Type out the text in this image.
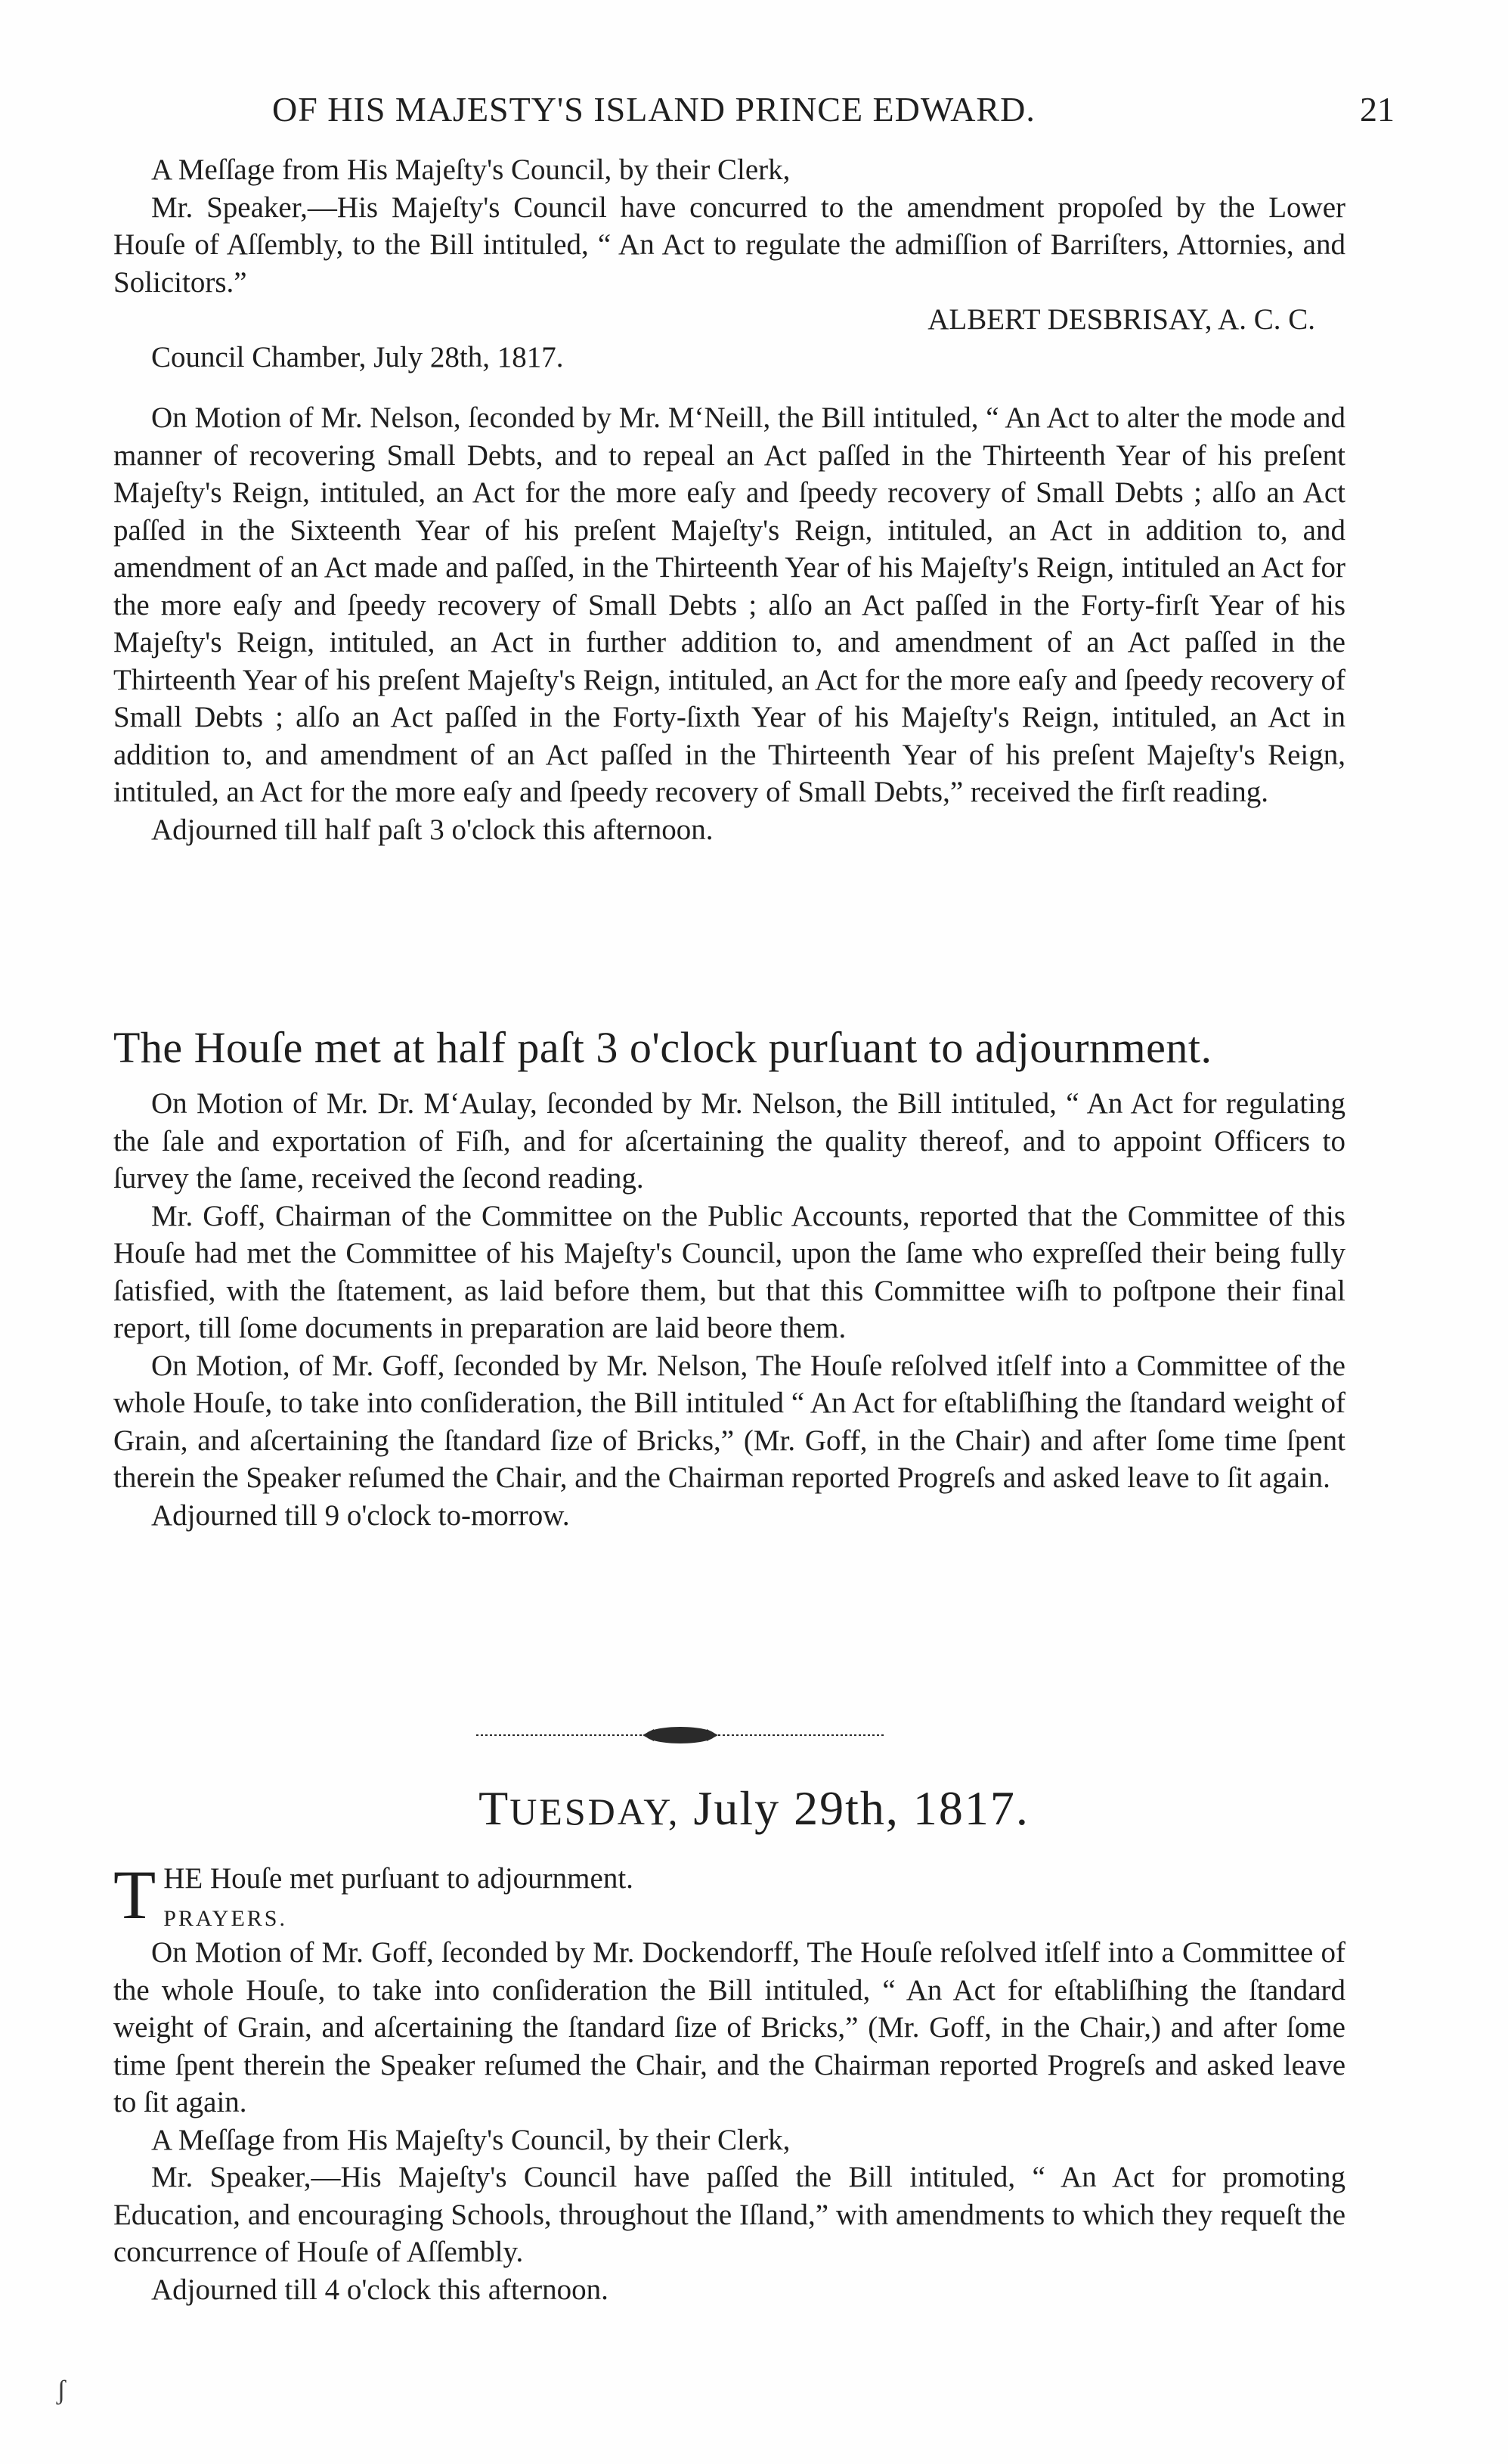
OF HIS MAJESTY'S ISLAND PRINCE EDWARD.	21

A Meſſage from His Majeſty's Council, by their Clerk,

Mr. Speaker,—His Majeſty's Council have concurred to the amendment propoſed by the Lower Houſe of Aſſembly, to the Bill intituled, “ An Act to regulate the admiſſion of Barriſters, Attornies, and Solicitors.”

ALBERT DESBRISAY, A. C. C.

Council Chamber, July 28th, 1817.

On Motion of Mr. Nelson, ſeconded by Mr. M‘Neill, the Bill intituled, “ An Act to alter the mode and manner of recovering Small Debts, and to repeal an Act paſſed in the Thirteenth Year of his preſent Majeſty's Reign, intituled, an Act for the more eaſy and ſpeedy recovery of Small Debts ; alſo an Act paſſed in the Sixteenth Year of his preſent Majeſty's Reign, intituled, an Act in addition to, and amendment of an Act made and paſſed, in the Thirteenth Year of his Majeſty's Reign, intituled an Act for the more eaſy and ſpeedy recovery of Small Debts ; alſo an Act paſſed in the Forty-firſt Year of his Majeſty's Reign, intituled, an Act in further addition to, and amendment of an Act paſſed in the Thirteenth Year of his preſent Majeſty's Reign, intituled, an Act for the more eaſy and ſpeedy recovery of Small Debts ; alſo an Act paſſed in the Forty-ſixth Year of his Majeſty's Reign, intituled, an Act in addition to, and amendment of an Act paſſed in the Thirteenth Year of his preſent Majeſty's Reign, intituled, an Act for the more eaſy and ſpeedy recovery of Small Debts,” received the firſt reading.

Adjourned till half paſt 3 o'clock this afternoon.

The Houſe met at half paſt 3 o'clock purſuant to adjournment.

On Motion of Mr. Dr. M‘Aulay, ſeconded by Mr. Nelson, the Bill intituled, “ An Act for regulating the ſale and exportation of Fiſh, and for aſcertaining the quality thereof, and to appoint Officers to ſurvey the ſame, received the ſecond reading.

Mr. Goff, Chairman of the Committee on the Public Accounts, reported that the Committee of this Houſe had met the Committee of his Majeſty's Council, upon the ſame who expreſſed their being fully ſatisfied, with the ſtatement, as laid before them, but that this Committee wiſh to poſtpone their final report, till ſome documents in preparation are laid beore them.

On Motion, of Mr. Goff, ſeconded by Mr. Nelson, The Houſe reſolved itſelf into a Committee of the whole Houſe, to take into conſideration, the Bill intituled “ An Act for eſtabliſhing the ſtandard weight of Grain, and aſcertaining the ſtandard ſize of Bricks,” (Mr. Goff, in the Chair) and after ſome time ſpent therein the Speaker reſumed the Chair, and the Chairman reported Progreſs and asked leave to ſit again.

Adjourned till 9 o'clock to-morrow.

TUESDAY, July 29th, 1817.
T HE Houſe met purſuant to adjournment.
PRAYERS.

On Motion of Mr. Goff, ſeconded by Mr. Dockendorff, The Houſe reſolved itſelf into a Committee of the whole Houſe, to take into conſideration the Bill intituled, “ An Act for eſtabliſhing the ſtandard weight of Grain, and aſcertaining the ſtandard ſize of Bricks,” (Mr. Goff, in the Chair,) and after ſome time ſpent therein the Speaker reſumed the Chair, and the Chairman reported Progreſs and asked leave to ſit again.

A Meſſage from His Majeſty's Council, by their Clerk,

Mr. Speaker,—His Majeſty's Council have paſſed the Bill intituled, “ An Act for promoting Education, and encouraging Schools, throughout the Iſland,” with amendments to which they requeſt the concurrence of Houſe of Aſſembly.

Adjourned till 4 o'clock this afternoon.

ʃ
